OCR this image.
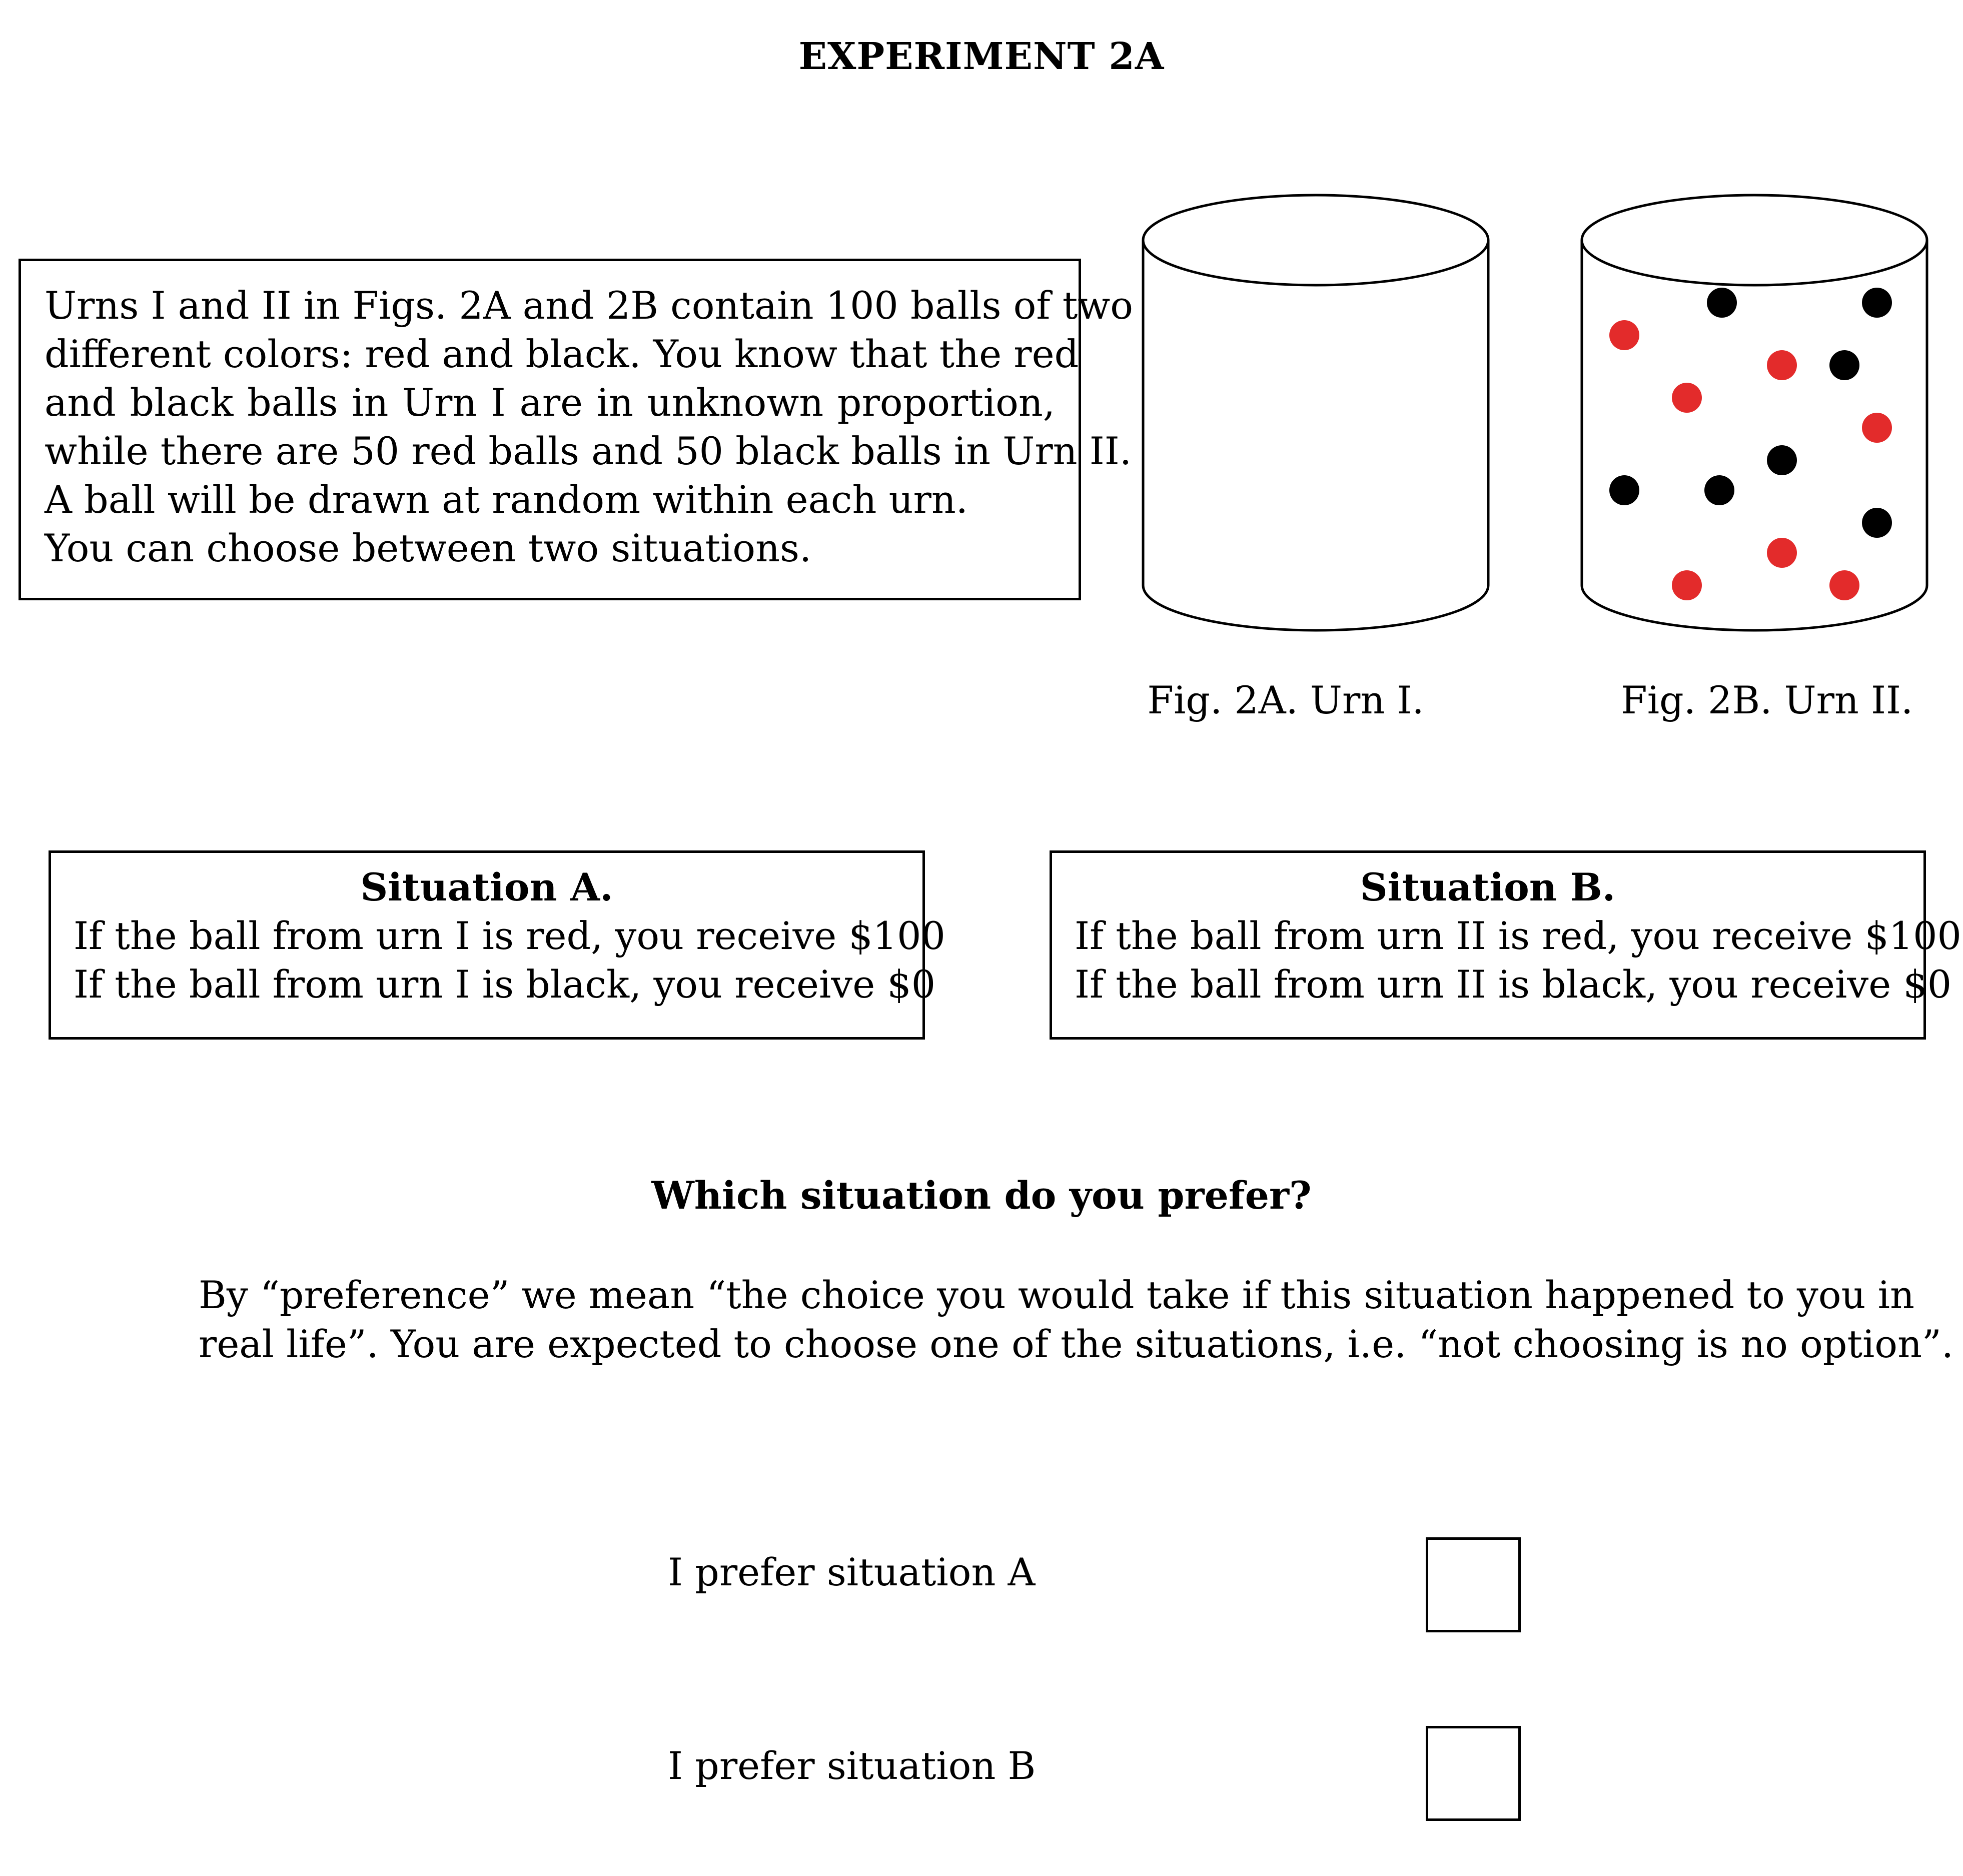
EXPERIMENT 2A
Urns I and II in Figs. 2A and 2B contain 100 balls of two
different colors: red and black. You know that the red
and black balls in Urn I are in unknown proportion,
while there are 50 red balls and 50 black balls in Urn II.
A ball will be drawn at random within each urn.
You can choose between two situations.
Fig. 2A. Urn I.	Fig. 2B. Urn II.
Situation A.
If the ball from urn I is red, you receive $100
If the ball from urn I is black, you receive $0
Situation B.
If the ball from urn II is red, you receive $100
If the ball from urn II is black, you receive $0
Which situation do you prefer?
By “preference” we mean “the choice you would take if this situation happened to you in
real life”. You are expected to choose one of the situations, i.e. “not choosing is no option”.
I prefer situation A
I prefer situation B
